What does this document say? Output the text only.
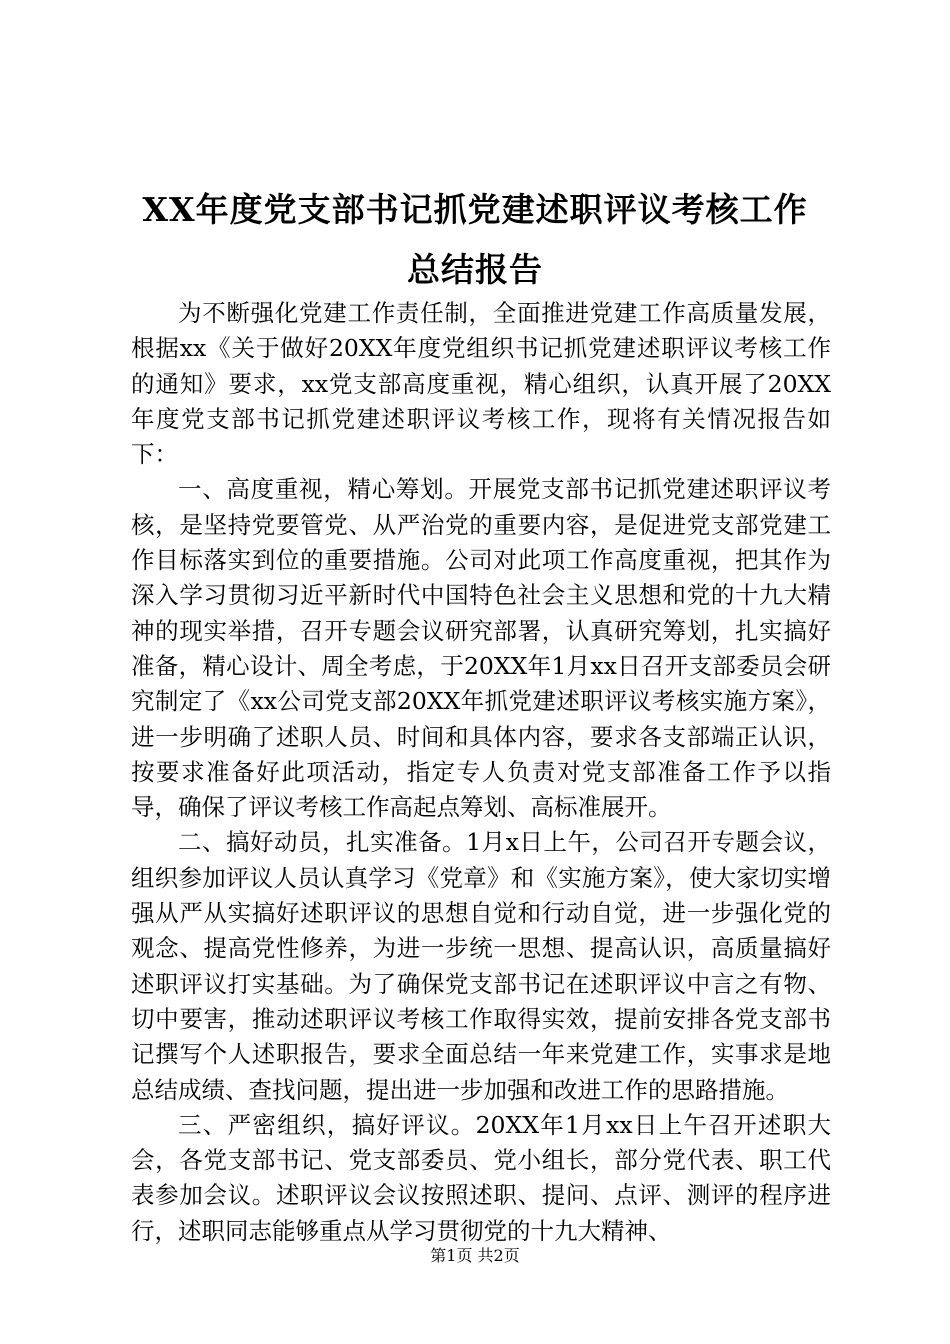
XX年度党支部书记抓党建述职评议考核工作
总结报告

为不断强化党建工作责任制，全面推进党建工作高质量发展，根据xx《关于做好20XX年度党组织书记抓党建述职评议考核工作的通知》要求，xx党支部高度重视，精心组织，认真开展了20XX年度党支部书记抓党建述职评议考核工作，现将有关情况报告如下：

一、高度重视，精心筹划。开展党支部书记抓党建述职评议考核，是坚持党要管党、从严治党的重要内容，是促进党支部党建工作目标落实到位的重要措施。公司对此项工作高度重视，把其作为深入学习贯彻习近平新时代中国特色社会主义思想和党的十九大精神的现实举措，召开专题会议研究部署，认真研究筹划，扎实搞好准备，精心设计、周全考虑，于20XX年1月xx日召开支部委员会研究制定了《xx公司党支部20XX年抓党建述职评议考核实施方案》，进一步明确了述职人员、时间和具体内容，要求各支部端正认识，按要求准备好此项活动，指定专人负责对党支部准备工作予以指导，确保了评议考核工作高起点筹划、高标准展开。

二、搞好动员，扎实准备。1月x日上午，公司召开专题会议，组织参加评议人员认真学习《党章》和《实施方案》，使大家切实增强从严从实搞好述职评议的思想自觉和行动自觉，进一步强化党的观念、提高党性修养，为进一步统一思想、提高认识，高质量搞好述职评议打实基础。为了确保党支部书记在述职评议中言之有物、切中要害，推动述职评议考核工作取得实效，提前安排各党支部书记撰写个人述职报告，要求全面总结一年来党建工作，实事求是地总结成绩、查找问题，提出进一步加强和改进工作的思路措施。

三、严密组织，搞好评议。20XX年1月xx日上午召开述职大会，各党支部书记、党支部委员、党小组长，部分党代表、职工代表参加会议。述职评议会议按照述职、提问、点评、测评的程序进行，述职同志能够重点从学习贯彻党的十九大精神、

第1页 共2页
